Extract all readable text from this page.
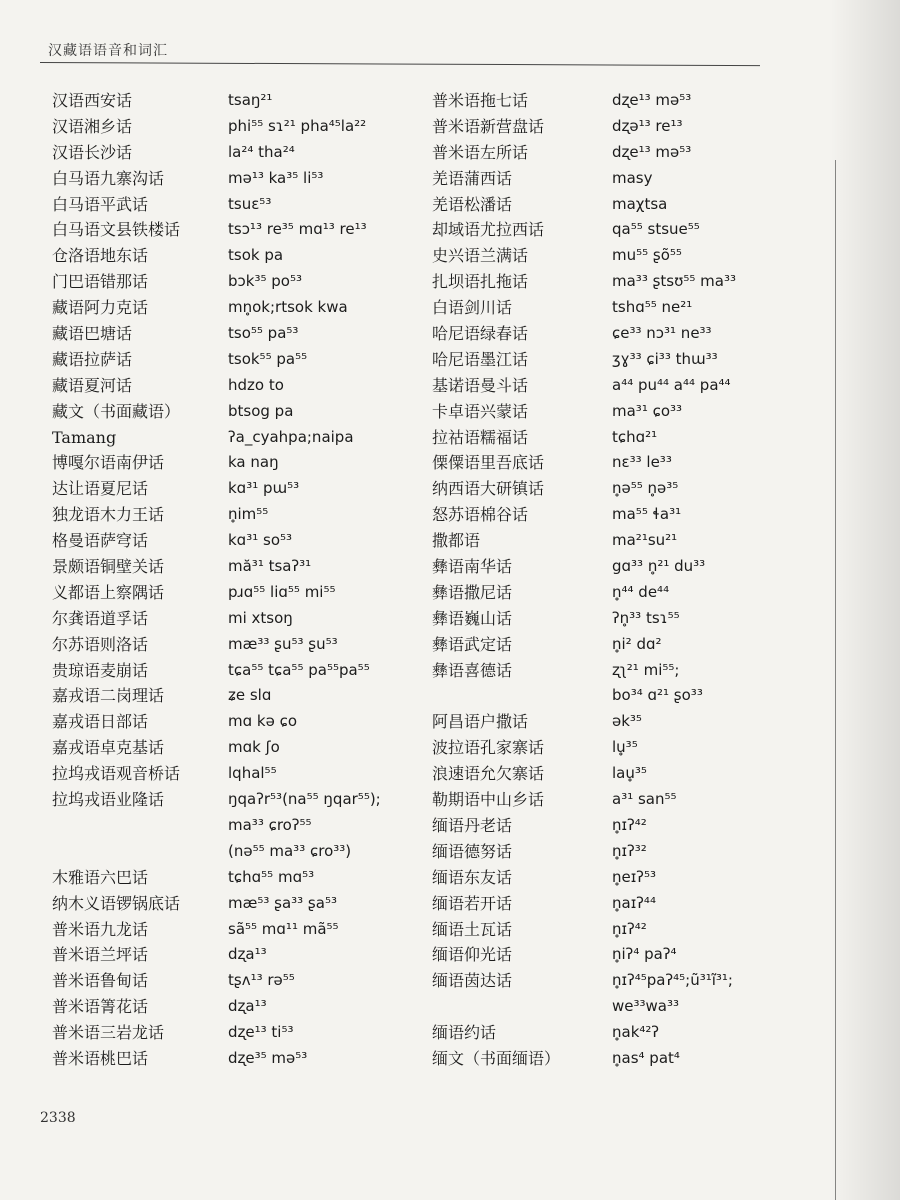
汉藏语语音和词汇
汉语西安话	tsaŋ²¹
汉语湘乡话	phi⁵⁵ sɿ²¹ pha⁴⁵la²²
汉语长沙话	la²⁴ tha²⁴
白马语九寨沟话	mə¹³ ka³⁵ li⁵³
白马语平武话	tsuɛ⁵³
白马语文县铁楼话	tsɔ¹³ re³⁵ mɑ¹³ re¹³
仓洛语地东话	tsok pa
门巴语错那话	bɔk³⁵ po⁵³
藏语阿力克话	mn̥ok;rtsok kwa
藏语巴塘话	tso⁵⁵ pa⁵³
藏语拉萨话	tsok⁵⁵ pa⁵⁵
藏语夏河话	hdzo to
藏文（书面藏语）	btsog pa
Tamang	ʔa_cyahpa;naipa
博嘎尔语南伊话	ka naŋ
达让语夏尼话	kɑ³¹ pɯ⁵³
独龙语木力王话	n̥im⁵⁵
格曼语萨穹话	kɑ³¹ so⁵³
景颇语铜壁关话	mă³¹ tsaʔ³¹
义都语上察隅话	pɹɑ⁵⁵ liɑ⁵⁵ mi⁵⁵
尔龚语道孚话	mi xtsoŋ
尔苏语则洛话	mæ³³ ʂu⁵³ ʂu⁵³
贵琼语麦崩话	tɕa⁵⁵ tɕa⁵⁵ pa⁵⁵pa⁵⁵
嘉戎语二岗理话	ʑe slɑ
嘉戎语日部话	mɑ kə ɕo
嘉戎语卓克基话	mɑk ʃo
拉坞戎语观音桥话	lqhal⁵⁵
拉坞戎语业隆话	ŋqaʔr⁵³(na⁵⁵ ŋqar⁵⁵);
ma³³ ɕroʔ⁵⁵
(nə⁵⁵ ma³³ ɕro³³)
木雅语六巴话	tɕhɑ⁵⁵ mɑ⁵³
纳木义语锣锅底话	mæ⁵³ ʂa³³ ʂa⁵³
普米语九龙话	sã⁵⁵ mɑ¹¹ mã⁵⁵
普米语兰坪话	dʐa¹³
普米语鲁甸话	tʂʌ¹³ rə⁵⁵
普米语箐花话	dʐa¹³
普米语三岩龙话	dʐe¹³ ti⁵³
普米语桃巴话	dʐe³⁵ mə⁵³
普米语拖七话	dʐe¹³ mə⁵³
普米语新营盘话	dʐə¹³ re¹³
普米语左所话	dʐe¹³ mə⁵³
羌语蒲西话	masy
羌语松潘话	maχtsa
却域语尤拉西话	qa⁵⁵ stsue⁵⁵
史兴语兰满话	mu⁵⁵ ʂõ⁵⁵
扎坝语扎拖话	ma³³ ʂtsʊ⁵⁵ ma³³
白语剑川话	tshɑ⁵⁵ ne²¹
哈尼语绿春话	ɕe³³ nɔ³¹ ne³³
哈尼语墨江话	ʒɣ³³ ɕi³³ thɯ³³
基诺语曼斗话	a⁴⁴ pu⁴⁴ a⁴⁴ pa⁴⁴
卡卓语兴蒙话	ma³¹ ɕo³³
拉祜语糯福话	tɕhɑ²¹
傈僳语里吾底话	nɛ³³ le³³
纳西语大研镇话	n̥ə⁵⁵ n̥ə³⁵
怒苏语棉谷话	ma⁵⁵ ɬa³¹
撒都语	ma²¹su²¹
彝语南华话	gɑ³³ n̥²¹ du³³
彝语撒尼话	n̥⁴⁴ de⁴⁴
彝语巍山话	ʔn̥³³ tsɿ⁵⁵
彝语武定话	n̥i² dɑ²
彝语喜德话	ʐʅ²¹ mi⁵⁵;
bo³⁴ ɑ²¹ ʂo³³
阿昌语户撒话	ək³⁵
波拉语孔家寨话	lu̥³⁵
浪速语允欠寨话	lau̥³⁵
勒期语中山乡话	a³¹ san⁵⁵
缅语丹老话	n̥ɪʔ⁴²
缅语德努话	n̥ɪʔ³²
缅语东友话	n̥eɪʔ⁵³
缅语若开话	n̥aɪʔ⁴⁴
缅语土瓦话	n̥ɪʔ⁴²
缅语仰光话	n̥iʔ⁴ paʔ⁴
缅语茵达话	n̥ɪʔ⁴⁵paʔ⁴⁵;ũ³¹ĩ³¹;
we³³wa³³
缅语约话	n̥ak⁴²ʔ
缅文（书面缅语）	n̥as⁴ pat⁴
2338
